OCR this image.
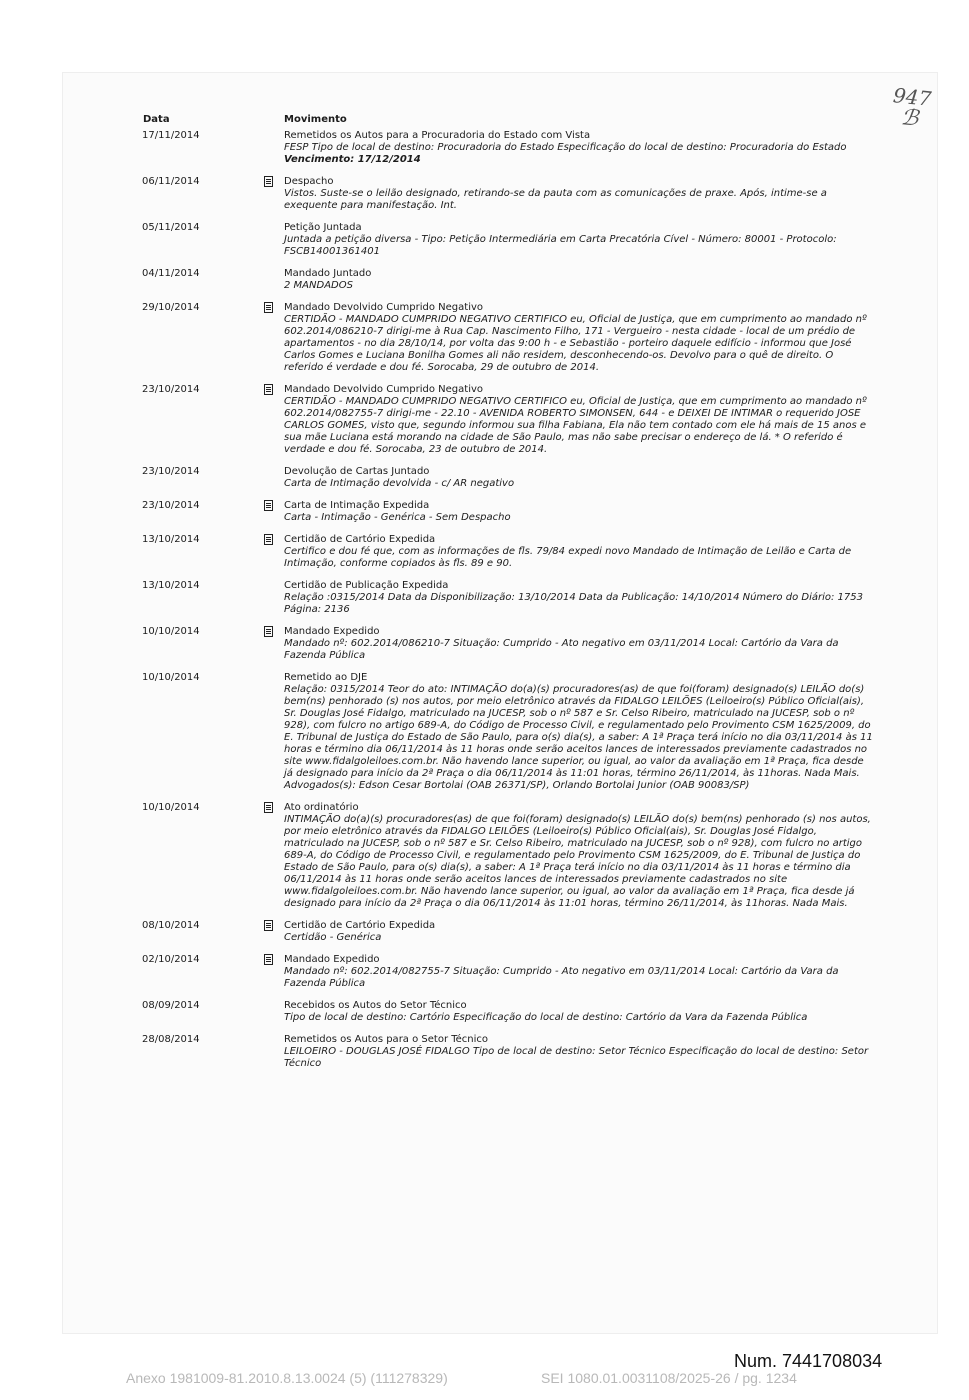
947
ℬ
Data	Movimento
17/11/2014	Remetidos os Autos para a Procuradoria do Estado com Vista
FESP Tipo de local de destino: Procuradoria do Estado Especificação do local de destino: Procuradoria do Estado
Vencimento: 17/12/2014
06/11/2014	Despacho
Vistos. Suste-se o leilão designado, retirando-se da pauta com as comunicações de praxe. Após, intime-se a exequente para manifestação. Int.
05/11/2014	Petição Juntada
Juntada a petição diversa - Tipo: Petição Intermediária em Carta Precatória Cível - Número: 80001 - Protocolo: FSCB14001361401
04/11/2014	Mandado Juntado
2 MANDADOS
29/10/2014	Mandado Devolvido Cumprido Negativo
CERTIDÃO - MANDADO CUMPRIDO NEGATIVO CERTIFICO eu, Oficial de Justiça, que em cumprimento ao mandado nº 602.2014/086210-7 dirigi-me à Rua Cap. Nascimento Filho, 171 - Vergueiro - nesta cidade - local de um prédio de apartamentos - no dia 28/10/14, por volta das 9:00 h - e Sebastião - porteiro daquele edifício - informou que José Carlos Gomes e Luciana Bonilha Gomes ali não residem, desconhecendo-os. Devolvo para o quê de direito. O referido é verdade e dou fé. Sorocaba, 29 de outubro de 2014.
23/10/2014	Mandado Devolvido Cumprido Negativo
CERTIDÃO - MANDADO CUMPRIDO NEGATIVO CERTIFICO eu, Oficial de Justiça, que em cumprimento ao mandado nº 602.2014/082755-7 dirigi-me - 22.10 - AVENIDA ROBERTO SIMONSEN, 644 - e DEIXEI DE INTIMAR o requerido JOSE CARLOS GOMES, visto que, segundo informou sua filha Fabiana, Ela não tem contado com ele há mais de 15 anos e sua mãe Luciana está morando na cidade de São Paulo, mas não sabe precisar o endereço de lá. * O referido é verdade e dou fé. Sorocaba, 23 de outubro de 2014.
23/10/2014	Devolução de Cartas Juntado
Carta de Intimação devolvida - c/ AR negativo
23/10/2014	Carta de Intimação Expedida
Carta - Intimação - Genérica - Sem Despacho
13/10/2014	Certidão de Cartório Expedida
Certifico e dou fé que, com as informações de fls. 79/84 expedi novo Mandado de Intimação de Leilão e Carta de Intimação, conforme copiados às fls. 89 e 90.
13/10/2014	Certidão de Publicação Expedida
Relação :0315/2014 Data da Disponibilização: 13/10/2014 Data da Publicação: 14/10/2014 Número do Diário: 1753 Página: 2136
10/10/2014	Mandado Expedido
Mandado nº: 602.2014/086210-7 Situação: Cumprido - Ato negativo em 03/11/2014 Local: Cartório da Vara da Fazenda Pública
10/10/2014	Remetido ao DJE
Relação: 0315/2014 Teor do ato: INTIMAÇÃO do(a)(s) procuradores(as) de que foi(foram) designado(s) LEILÃO do(s) bem(ns) penhorado (s) nos autos, por meio eletrônico através da FIDALGO LEILÕES (Leiloeiro(s) Público Oficial(ais), Sr. Douglas José Fidalgo, matriculado na JUCESP, sob o nº 587 e Sr. Celso Ribeiro, matriculado na JUCESP, sob o nº 928), com fulcro no artigo 689-A, do Código de Processo Civil, e regulamentado pelo Provimento CSM 1625/2009, do E. Tribunal de Justiça do Estado de São Paulo, para o(s) dia(s), a saber: A 1ª Praça terá início no dia 03/11/2014 às 11 horas e término dia 06/11/2014 às 11 horas onde serão aceitos lances de interessados previamente cadastrados no site www.fidalgoleiloes.com.br. Não havendo lance superior, ou igual, ao valor da avaliação em 1ª Praça, fica desde já designado para início da 2ª Praça o dia 06/11/2014 às 11:01 horas, término 26/11/2014, às 11horas. Nada Mais. Advogados(s): Edson Cesar Bortolai (OAB 26371/SP), Orlando Bortolai Junior (OAB 90083/SP)
10/10/2014	Ato ordinatório
INTIMAÇÃO do(a)(s) procuradores(as) de que foi(foram) designado(s) LEILÃO do(s) bem(ns) penhorado (s) nos autos, por meio eletrônico através da FIDALGO LEILÕES (Leiloeiro(s) Público Oficial(ais), Sr. Douglas José Fidalgo, matriculado na JUCESP, sob o nº 587 e Sr. Celso Ribeiro, matriculado na JUCESP, sob o nº 928), com fulcro no artigo 689-A, do Código de Processo Civil, e regulamentado pelo Provimento CSM 1625/2009, do E. Tribunal de Justiça do Estado de São Paulo, para o(s) dia(s), a saber: A 1ª Praça terá início no dia 03/11/2014 às 11 horas e término dia 06/11/2014 às 11 horas onde serão aceitos lances de interessados previamente cadastrados no site www.fidalgoleiloes.com.br. Não havendo lance superior, ou igual, ao valor da avaliação em 1ª Praça, fica desde já designado para início da 2ª Praça o dia 06/11/2014 às 11:01 horas, término 26/11/2014, às 11horas. Nada Mais.
08/10/2014	Certidão de Cartório Expedida
Certidão - Genérica
02/10/2014	Mandado Expedido
Mandado nº: 602.2014/082755-7 Situação: Cumprido - Ato negativo em 03/11/2014 Local: Cartório da Vara da Fazenda Pública
08/09/2014	Recebidos os Autos do Setor Técnico
Tipo de local de destino: Cartório Especificação do local de destino: Cartório da Vara da Fazenda Pública
28/08/2014	Remetidos os Autos para o Setor Técnico
LEILOEIRO - DOUGLAS JOSÉ FIDALGO Tipo de local de destino: Setor Técnico Especificação do local de destino: Setor Técnico
Num. 7441708034
Anexo 1981009-81.2010.8.13.0024 (5) (111278329)	SEI 1080.01.0031108/2025-26 / pg. 1234
